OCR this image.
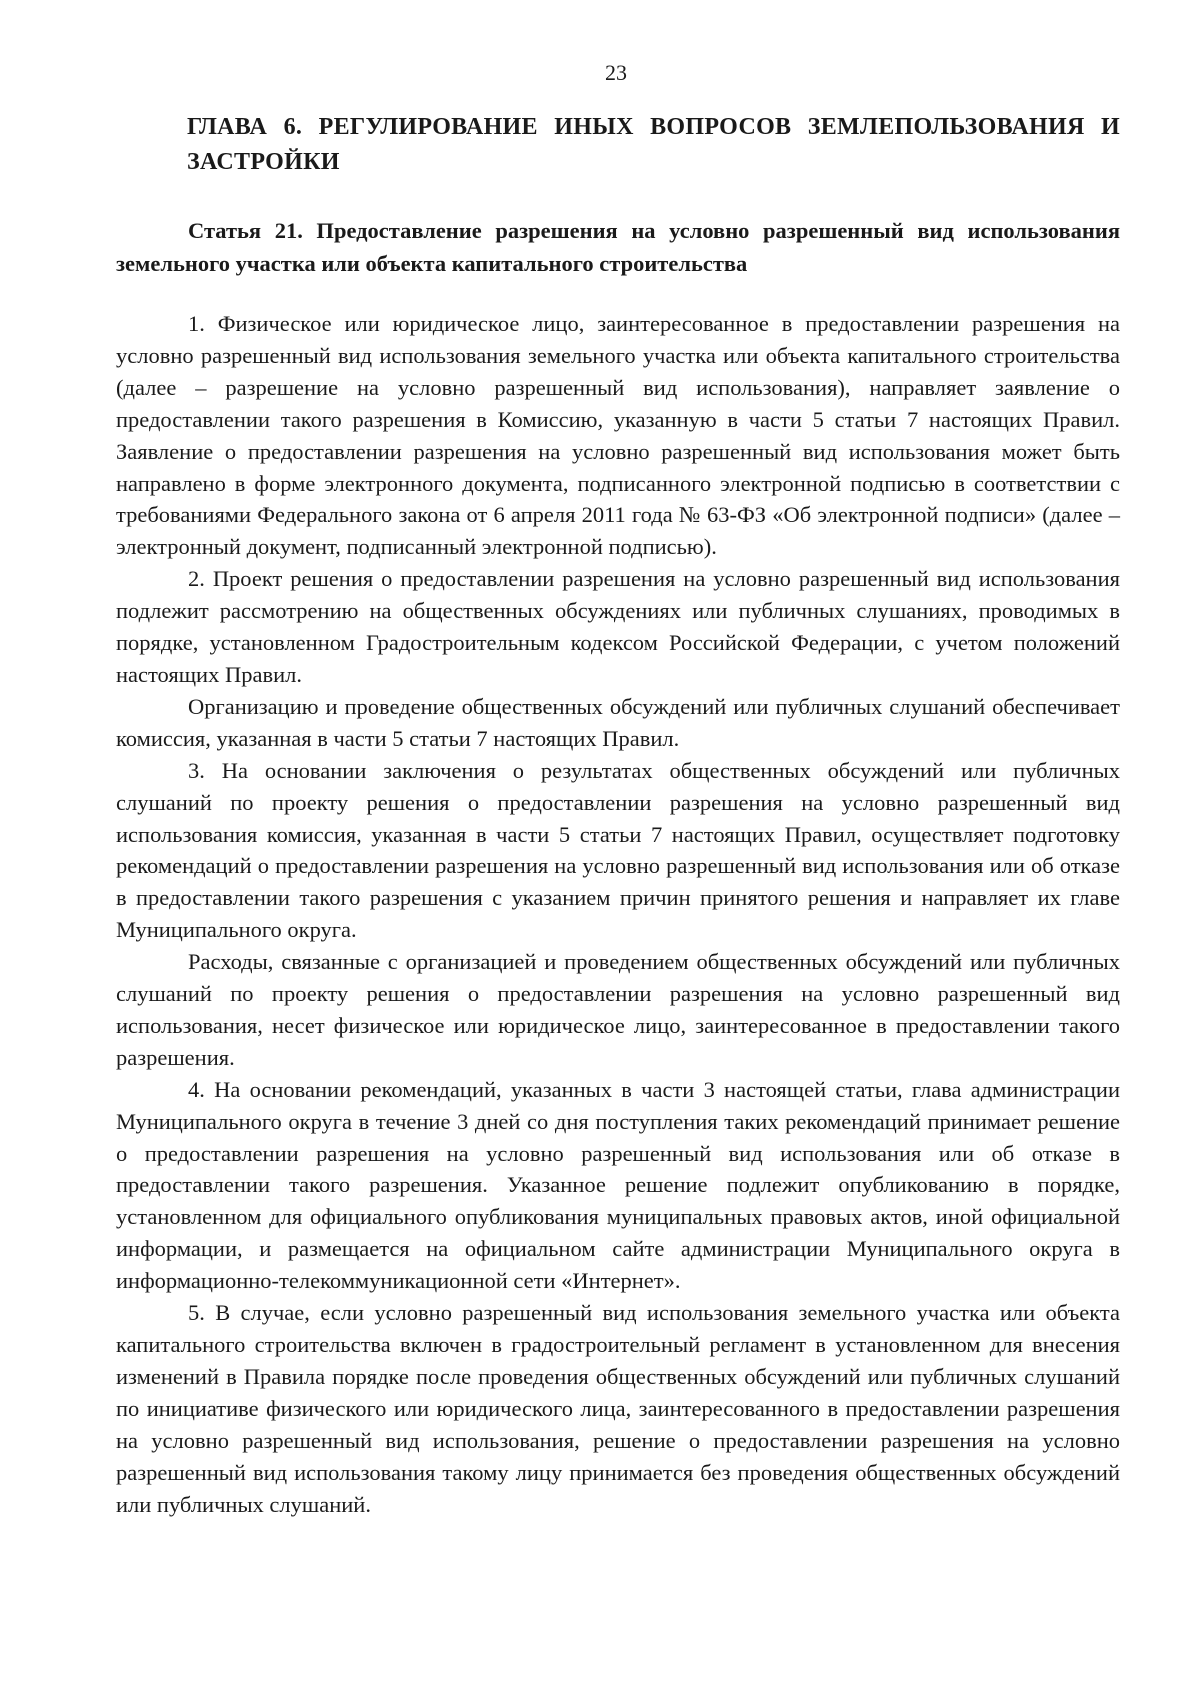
23
ГЛАВА 6. РЕГУЛИРОВАНИЕ ИНЫХ ВОПРОСОВ ЗЕМЛЕПОЛЬЗОВАНИЯ И ЗАСТРОЙКИ
Статья 21. Предоставление разрешения на условно разрешенный вид использования земельного участка или объекта капитального строительства

1. Физическое или юридическое лицо, заинтересованное в предоставлении разрешения на условно разрешенный вид использования земельного участка или объекта капитального строительства (далее – разрешение на условно разрешенный вид использования), направляет заявление о предоставлении такого разрешения в Комиссию, указанную в части 5 статьи 7 настоящих Правил. Заявление о предоставлении разрешения на условно разрешенный вид использования может быть направлено в форме электронного документа, подписанного электронной подписью в соответствии с требованиями Федерального закона от 6 апреля 2011 года № 63-ФЗ «Об электронной подписи» (далее – электронный документ, подписанный электронной подписью).

2. Проект решения о предоставлении разрешения на условно разрешенный вид использования подлежит рассмотрению на общественных обсуждениях или публичных слушаниях, проводимых в порядке, установленном Градостроительным кодексом Российской Федерации, с учетом положений настоящих Правил.

Организацию и проведение общественных обсуждений или публичных слушаний обеспечивает комиссия, указанная в части 5 статьи 7 настоящих Правил.

3. На основании заключения о результатах общественных обсуждений или публичных слушаний по проекту решения о предоставлении разрешения на условно разрешенный вид использования комиссия, указанная в части 5 статьи 7 настоящих Правил, осуществляет подготовку рекомендаций о предоставлении разрешения на условно разрешенный вид использования или об отказе в предоставлении такого разрешения с указанием причин принятого решения и направляет их главе Муниципального округа.

Расходы, связанные с организацией и проведением общественных обсуждений или публичных слушаний по проекту решения о предоставлении разрешения на условно разрешенный вид использования, несет физическое или юридическое лицо, заинтересованное в предоставлении такого разрешения.

4. На основании рекомендаций, указанных в части 3 настоящей статьи, глава администрации Муниципального округа в течение 3 дней со дня поступления таких рекомендаций принимает решение о предоставлении разрешения на условно разрешенный вид использования или об отказе в предоставлении такого разрешения. Указанное решение подлежит опубликованию в порядке, установленном для официального опубликования муниципальных правовых актов, иной официальной информации, и размещается на официальном сайте администрации Муниципального округа в информационно-телекоммуникационной сети «Интернет».

5. В случае, если условно разрешенный вид использования земельного участка или объекта капитального строительства включен в градостроительный регламент в установленном для внесения изменений в Правила порядке после проведения общественных обсуждений или публичных слушаний по инициативе физического или юридического лица, заинтересованного в предоставлении разрешения на условно разрешенный вид использования, решение о предоставлении разрешения на условно разрешенный вид использования такому лицу принимается без проведения общественных обсуждений или публичных слушаний.
